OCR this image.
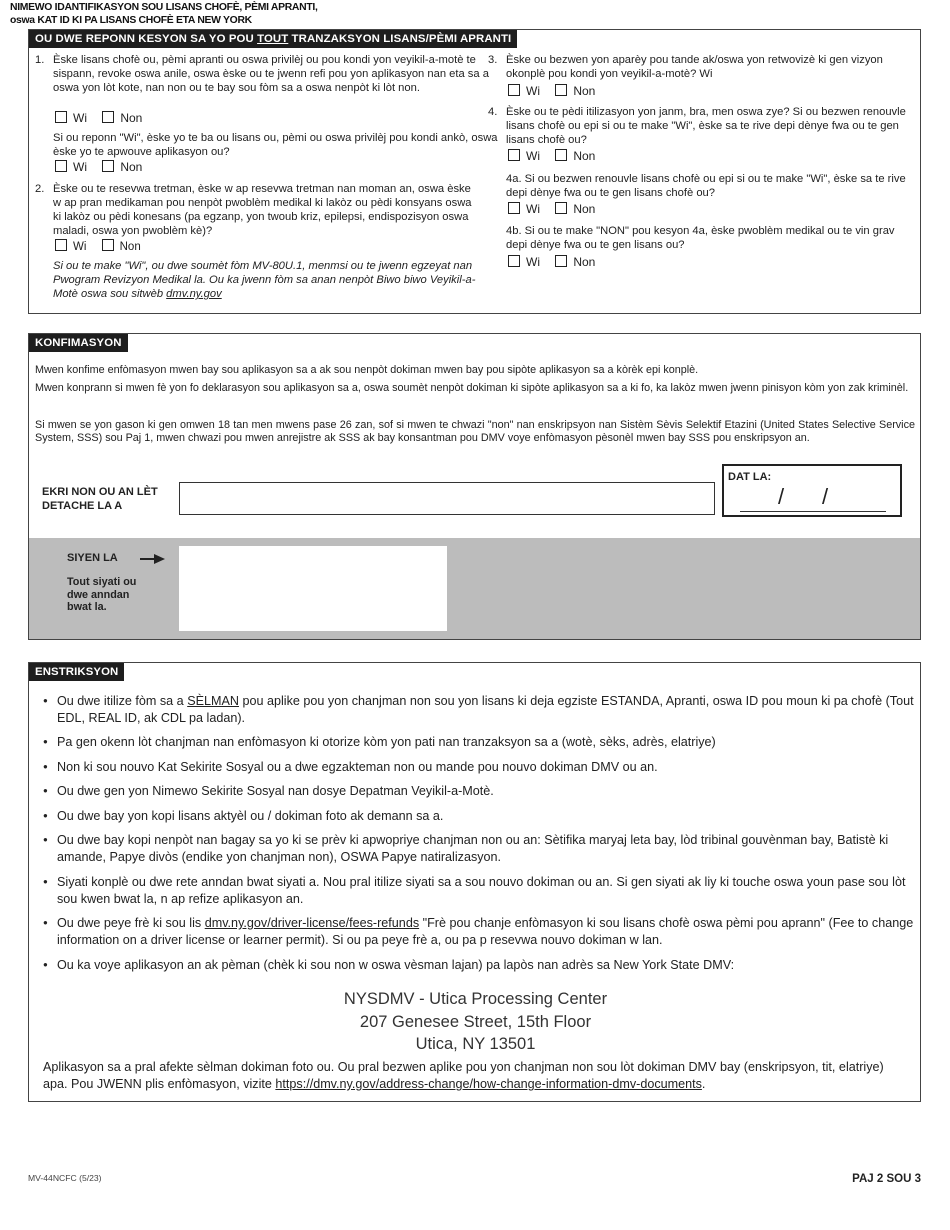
NIMEWO IDANTIFIKASYON SOU LISANS CHOFÈ, PÈMI APRANTI,
oswa KAT ID KI PA LISANS CHOFÈ ETA NEW YORK
OU DWE REPONN KESYON SA YO POU TOUT TRANZAKSYON LISANS/PÈMI APRANTI
1. Èske lisans chofè ou, pèmi apranti ou oswa privilèj ou pou kondi yon veyikil-a-motè te sispann, revoke oswa anile, oswa èske ou te jwenn refi pou yon aplikasyon nan eta sa a oswa yon lòt kote, nan non ou te bay sou fòm sa a oswa nenpòt ki lòt non.
Wi	Non
Si ou reponn "Wi", èske yo te ba ou lisans ou, pèmi ou oswa privilèj pou kondi ankò, oswa èske yo te apwouve aplikasyon ou?
Wi	Non
2. Èske ou te resevwa tretman, èske w ap resevwa tretman nan moman an, oswa èske w ap pran medikaman pou nenpòt pwoblèm medikal ki lakòz ou pèdi konsyans oswa ki lakòz ou pèdi konesans (pa egzanp, yon twoub kriz, epilepsi, endispozisyon oswa maladi, oswa yon pwoblèm kè)?
Wi	Non
Si ou te make "Wi", ou dwe soumèt fòm MV-80U.1, menmsi ou te jwenn egzeyat nan Pwogram Revizyon Medikal la. Ou ka jwenn fòm sa anan nenpòt Biwo biwo Veyikil-a-Motè oswa sou sitwèb dmv.ny.gov
3. Èske ou bezwen yon aparèy pou tande ak/oswa yon retwovizè ki gen vizyon okonplè pou kondi yon veyikil-a-motè? Wi
Wi	Non
4. Èske ou te pèdi itilizasyon yon janm, bra, men oswa zye? Si ou bezwen renouvle lisans chofè ou epi si ou te make "Wi", èske sa te rive depi dènye fwa ou te gen lisans chofè ou?
Wi	Non
4a. Si ou bezwen renouvle lisans chofè ou epi si ou te make "Wi", èske sa te rive depi dènye fwa ou te gen lisans chofè ou?
Wi	Non
4b. Si ou te make "NON" pou kesyon 4a, èske pwoblèm medikal ou te vin grav depi dènye fwa ou te gen lisans ou?
Wi	Non
KONFIMASYON
Mwen konfime enfòmasyon mwen bay sou aplikasyon sa a ak sou nenpòt dokiman mwen bay pou sipòte aplikasyon sa a kòrèk epi konplè.
Mwen konprann si mwen fè yon fo deklarasyon sou aplikasyon sa a, oswa soumèt nenpòt dokiman ki sipòte aplikasyon sa a ki fo, ka lakòz mwen jwenn pinisyon kòm yon zak kriminèl.
Si mwen se yon gason ki gen omwen 18 tan men mwens pase 26 zan, sof si mwen te chwazi "non" nan enskripsyon nan Sistèm Sèvis Selektif Etazini (United States Selective Service System, SSS) sou Paj 1, mwen chwazi pou mwen anrejistre ak SSS ak bay konsantman pou DMV voye enfòmasyon pèsonèl mwen bay SSS pou enskripsyon an.
EKRI NON OU AN LÈT
DETACHE LA A
DAT LA:
/ /
SIYEN LA
Tout siyati ou
dwe anndan
bwat la.
ENSTRIKSYON
● Ou dwe itilize fòm sa a SÈLMAN pou aplike pou yon chanjman non sou yon lisans ki deja egziste ESTANDA, Apranti, oswa ID pou moun ki pa chofè (Tout EDL, REAL ID, ak CDL pa ladan).
● Pa gen okenn lòt chanjman nan enfòmasyon ki otorize kòm yon pati nan tranzaksyon sa a (wotè, sèks, adrès, elatriye)
● Non ki sou nouvo Kat Sekirite Sosyal ou a dwe egzakteman non ou mande pou nouvo dokiman DMV ou an.
● Ou dwe gen yon Nimewo Sekirite Sosyal nan dosye Depatman Veyikil-a-Motè.
● Ou dwe bay yon kopi lisans aktyèl ou / dokiman foto ak demann sa a.
● Ou dwe bay kopi nenpòt nan bagay sa yo ki se prèv ki apwopriye chanjman non ou an: Sètifika maryaj leta bay, lòd tribinal gouvènman bay, Batistè ki amande, Papye divòs (endike yon chanjman non), OSWA Papye natiralizasyon.
● Siyati konplè ou dwe rete anndan bwat siyati a. Nou pral itilize siyati sa a sou nouvo dokiman ou an. Si gen siyati ak liy ki touche oswa youn pase sou lòt sou kwen bwat la, n ap refize aplikasyon an.
● Ou dwe peye frè ki sou lis dmv.ny.gov/driver-license/fees-refunds "Frè pou chanje enfòmasyon ki sou lisans chofè oswa pèmi pou aprann" (Fee to change information on a driver license or learner permit). Si ou pa peye frè a, ou pa p resevwa nouvo dokiman w lan.
● Ou ka voye aplikasyon an ak pèman (chèk ki sou non w oswa vèsman lajan) pa lapòs nan adrès sa New York State DMV:
NYSDMV - Utica Processing Center
207 Genesee Street, 15th Floor
Utica, NY 13501
Aplikasyon sa a pral afekte sèlman dokiman foto ou. Ou pral bezwen aplike pou yon chanjman non sou lòt dokiman DMV bay (enskripsyon, tit, elatriye) apa. Pou JWENN plis enfòmasyon, vizite https://dmv.ny.gov/address-change/how-change-information-dmv-documents.
MV-44NCFC (5/23)	PAJ 2 SOU 3
